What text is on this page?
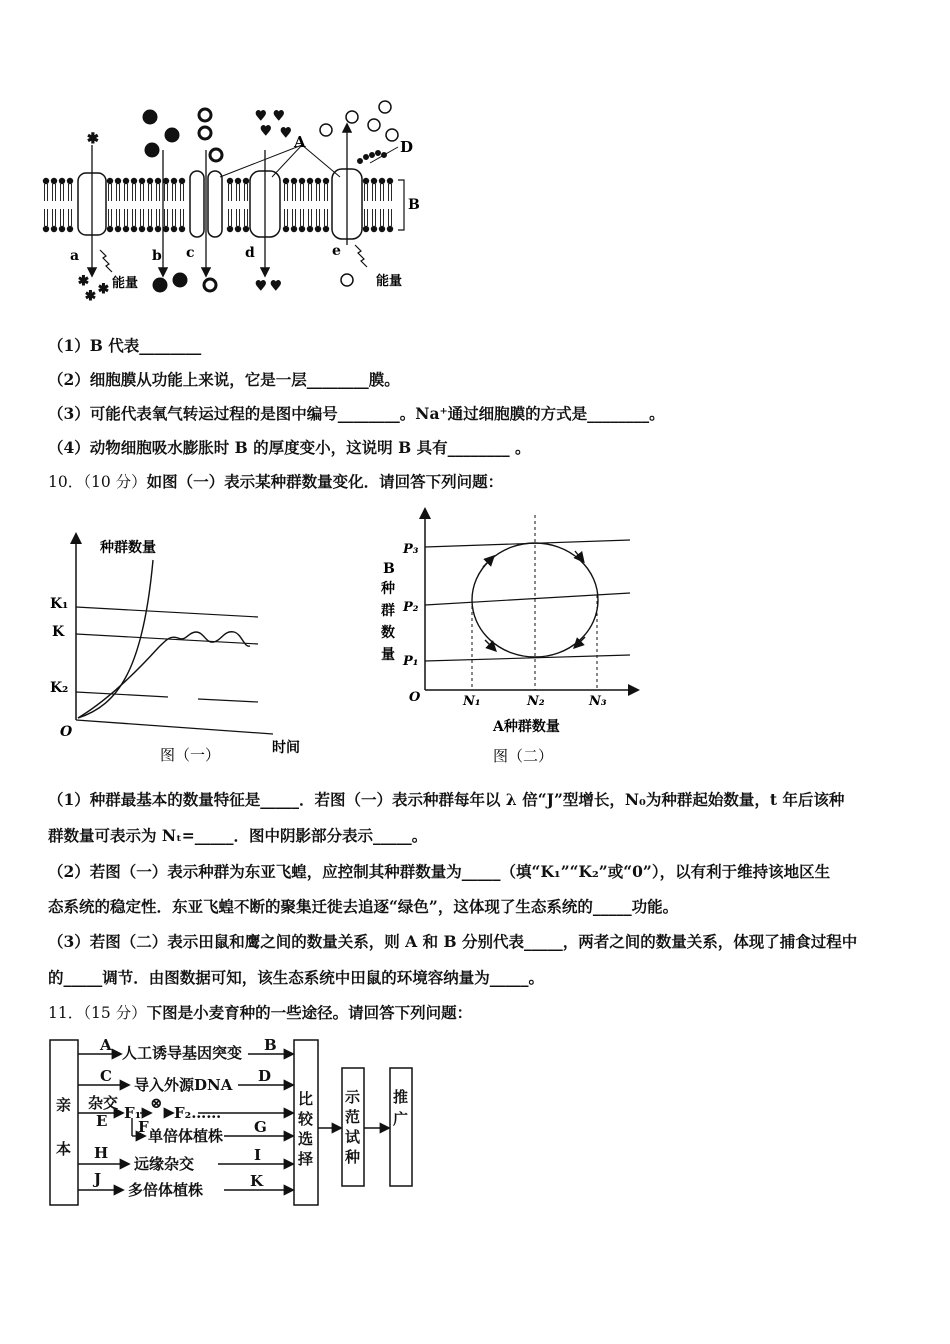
✱
♥ ♥
♥ ♥
✱
✱
✱
♥ ♥
A
B
D
a	b c	d	e
能量	能量
（1）B 代表________
（2）细胞膜从功能上来说，它是一层________膜。
（3）可能代表氧气转运过程的是图中编号________。Na⁺通过细胞膜的方式是________。
（4）动物细胞吸水膨胀时 B 的厚度变小，这说明 B 具有________ 。
10．（10 分）如图（一）表示某种群数量变化．请回答下列问题：
种群数量
K₁
K
K₂
O
图（一）	时间
B
种
群
数
量
P₃
P₂
P₁
O	N₁	N₂	N₃
A种群数量
图（二）
（1）种群最基本的数量特征是_____．若图（一）表示种群每年以 λ 倍“J”型增长，N₀为种群起始数量，t 年后该种
群数量可表示为 Nₜ=_____．图中阴影部分表示_____。
（2）若图（一）表示种群为东亚飞蝗，应控制其种群数量为_____（填“K₁”“K₂”或“0”），以有利于维持该地区生
态系统的稳定性．东亚飞蝗不断的聚集迁徙去追逐“绿色”，这体现了生态系统的_____功能。
（3）若图（二）表示田鼠和鹰之间的数量关系，则 A 和 B 分别代表_____，两者之间的数量关系，体现了捕食过程中
的_____调节．由图数据可知，该生态系统中田鼠的环境容纳量为_____。
11．（15 分）下图是小麦育种的一些途径。请回答下列问题：
亲
本
A 人工诱导基因突变 B
C 导入外源DNA D
杂交
F₁
⊗
F₂……
E F 单倍体植株 G
H
远缘杂交	I
J
多倍体植株	K
比
较
选
择
示
范
试
种
推
广
